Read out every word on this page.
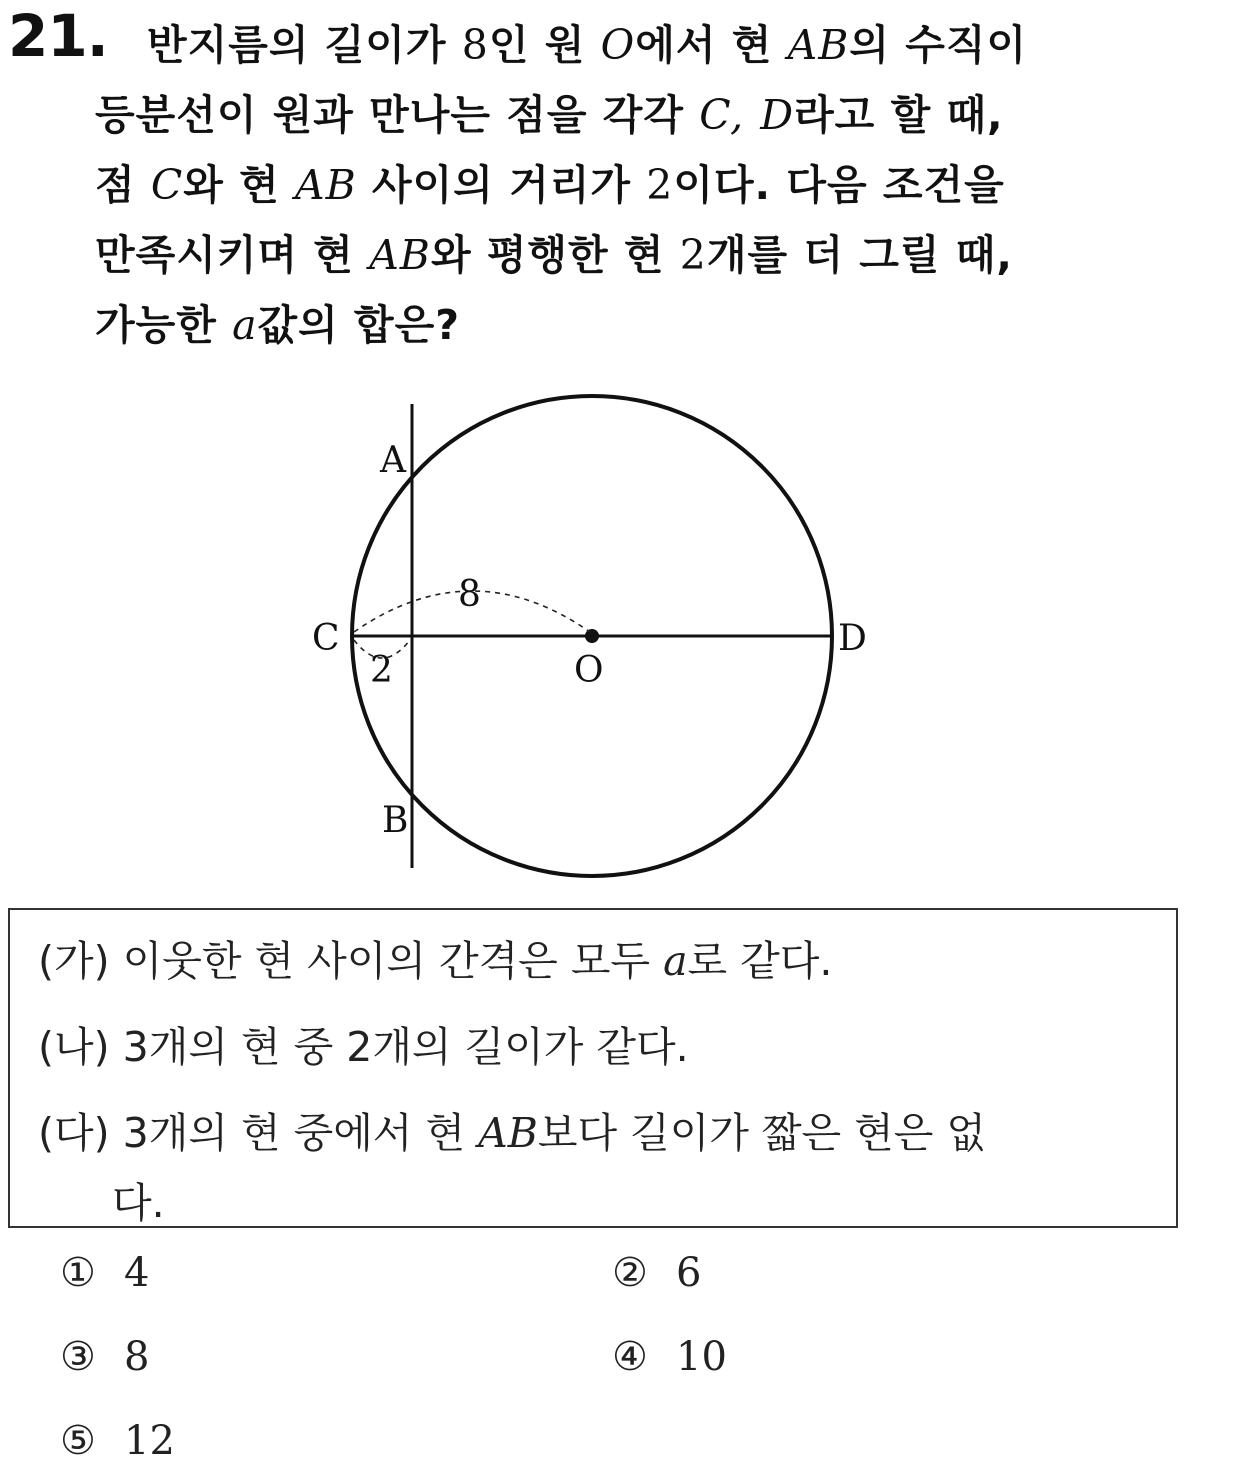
21. 반지름의 길이가 8인 원 O에서 현 AB의 수직이
등분선이 원과 만나는 점을 각각 C, D라고 할 때,
점 C와 현 AB 사이의 거리가 2이다. 다음 조건을
만족시키며 현 AB와 평행한 현 2개를 더 그릴 때,
가능한 a값의 합은?
A
B
C	D
O
8
2
(가) 이웃한 현 사이의 간격은 모두 a로 같다.
(나) 3개의 현 중 2개의 길이가 같다.
(다) 3개의 현 중에서 현 AB보다 길이가 짧은 현은 없
다.
① 4	② 6
③ 8	④ 10
⑤ 12
